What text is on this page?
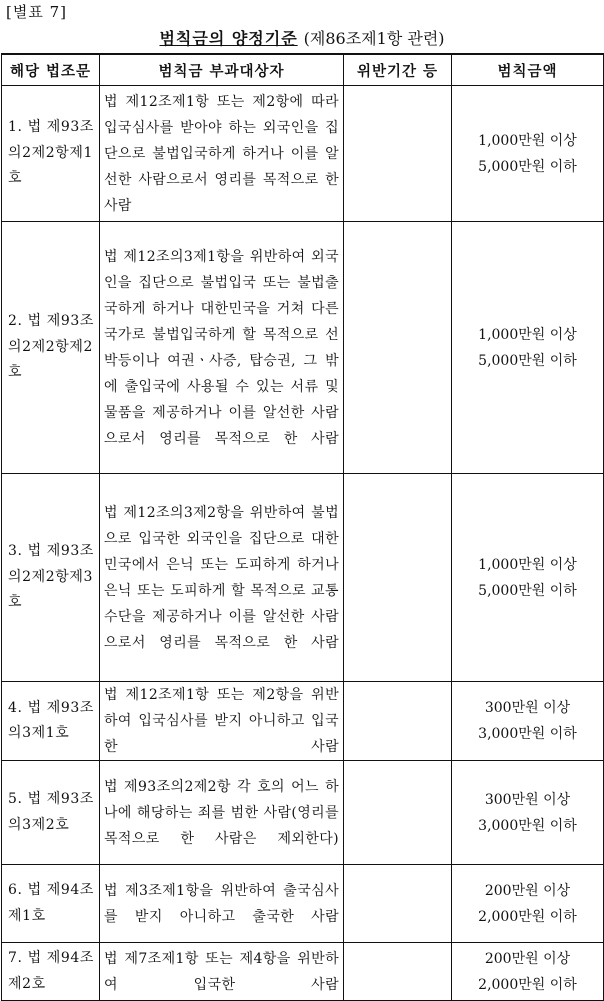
[별표 7]
범칙금의 양정기준 (제86조제1항 관련)
해당 법조문	범칙금 부과대상자	위반기간 등	범칙금액
1. 법 제93조의2제2항제1호	법 제12조제1항 또는 제2항에 따라 입국심사를 받아야 하는 외국인을 집단으로 불법입국하게 하거나 이를 알선한 사람으로서 영리를 목적으로 한 사람		1,000만원 이상
5,000만원 이하

2. 법 제93조의2제2항제2호	법 제12조의3제1항을 위반하여 외국인을 집단으로 불법입국 또는 불법출국하게 하거나 대한민국을 거쳐 다른 국가로 불법입국하게 할 목적으로 선박등이나 여권ㆍ사증, 탑승권, 그 밖에 출입국에 사용될 수 있는 서류 및 물품을 제공하거나 이를 알선한 사람으로서 영리를 목적으로 한 사람		1,000만원 이상
5,000만원 이하

3. 법 제93조의2제2항제3호	법 제12조의3제2항을 위반하여 불법으로 입국한 외국인을 집단으로 대한민국에서 은닉 또는 도피하게 하거나 은닉 또는 도피하게 할 목적으로 교통수단을 제공하거나 이를 알선한 사람으로서 영리를 목적으로 한 사람		1,000만원 이상
5,000만원 이하

4. 법 제93조의3제1호	법 제12조제1항 또는 제2항을 위반하여 입국심사를 받지 아니하고 입국한 사람		300만원 이상
3,000만원 이하

5. 법 제93조의3제2호	법 제93조의2제2항 각 호의 어느 하나에 해당하는 죄를 범한 사람(영리를 목적으로 한 사람은 제외한다)		300만원 이상
3,000만원 이하

6. 법 제94조 제1호	법 제3조제1항을 위반하여 출국심사를 받지 아니하고 출국한 사람		200만원 이상
2,000만원 이하

7. 법 제94조 제2호	법 제7조제1항 또는 제4항을 위반하여 입국한 사람		200만원 이상
2,000만원 이하
